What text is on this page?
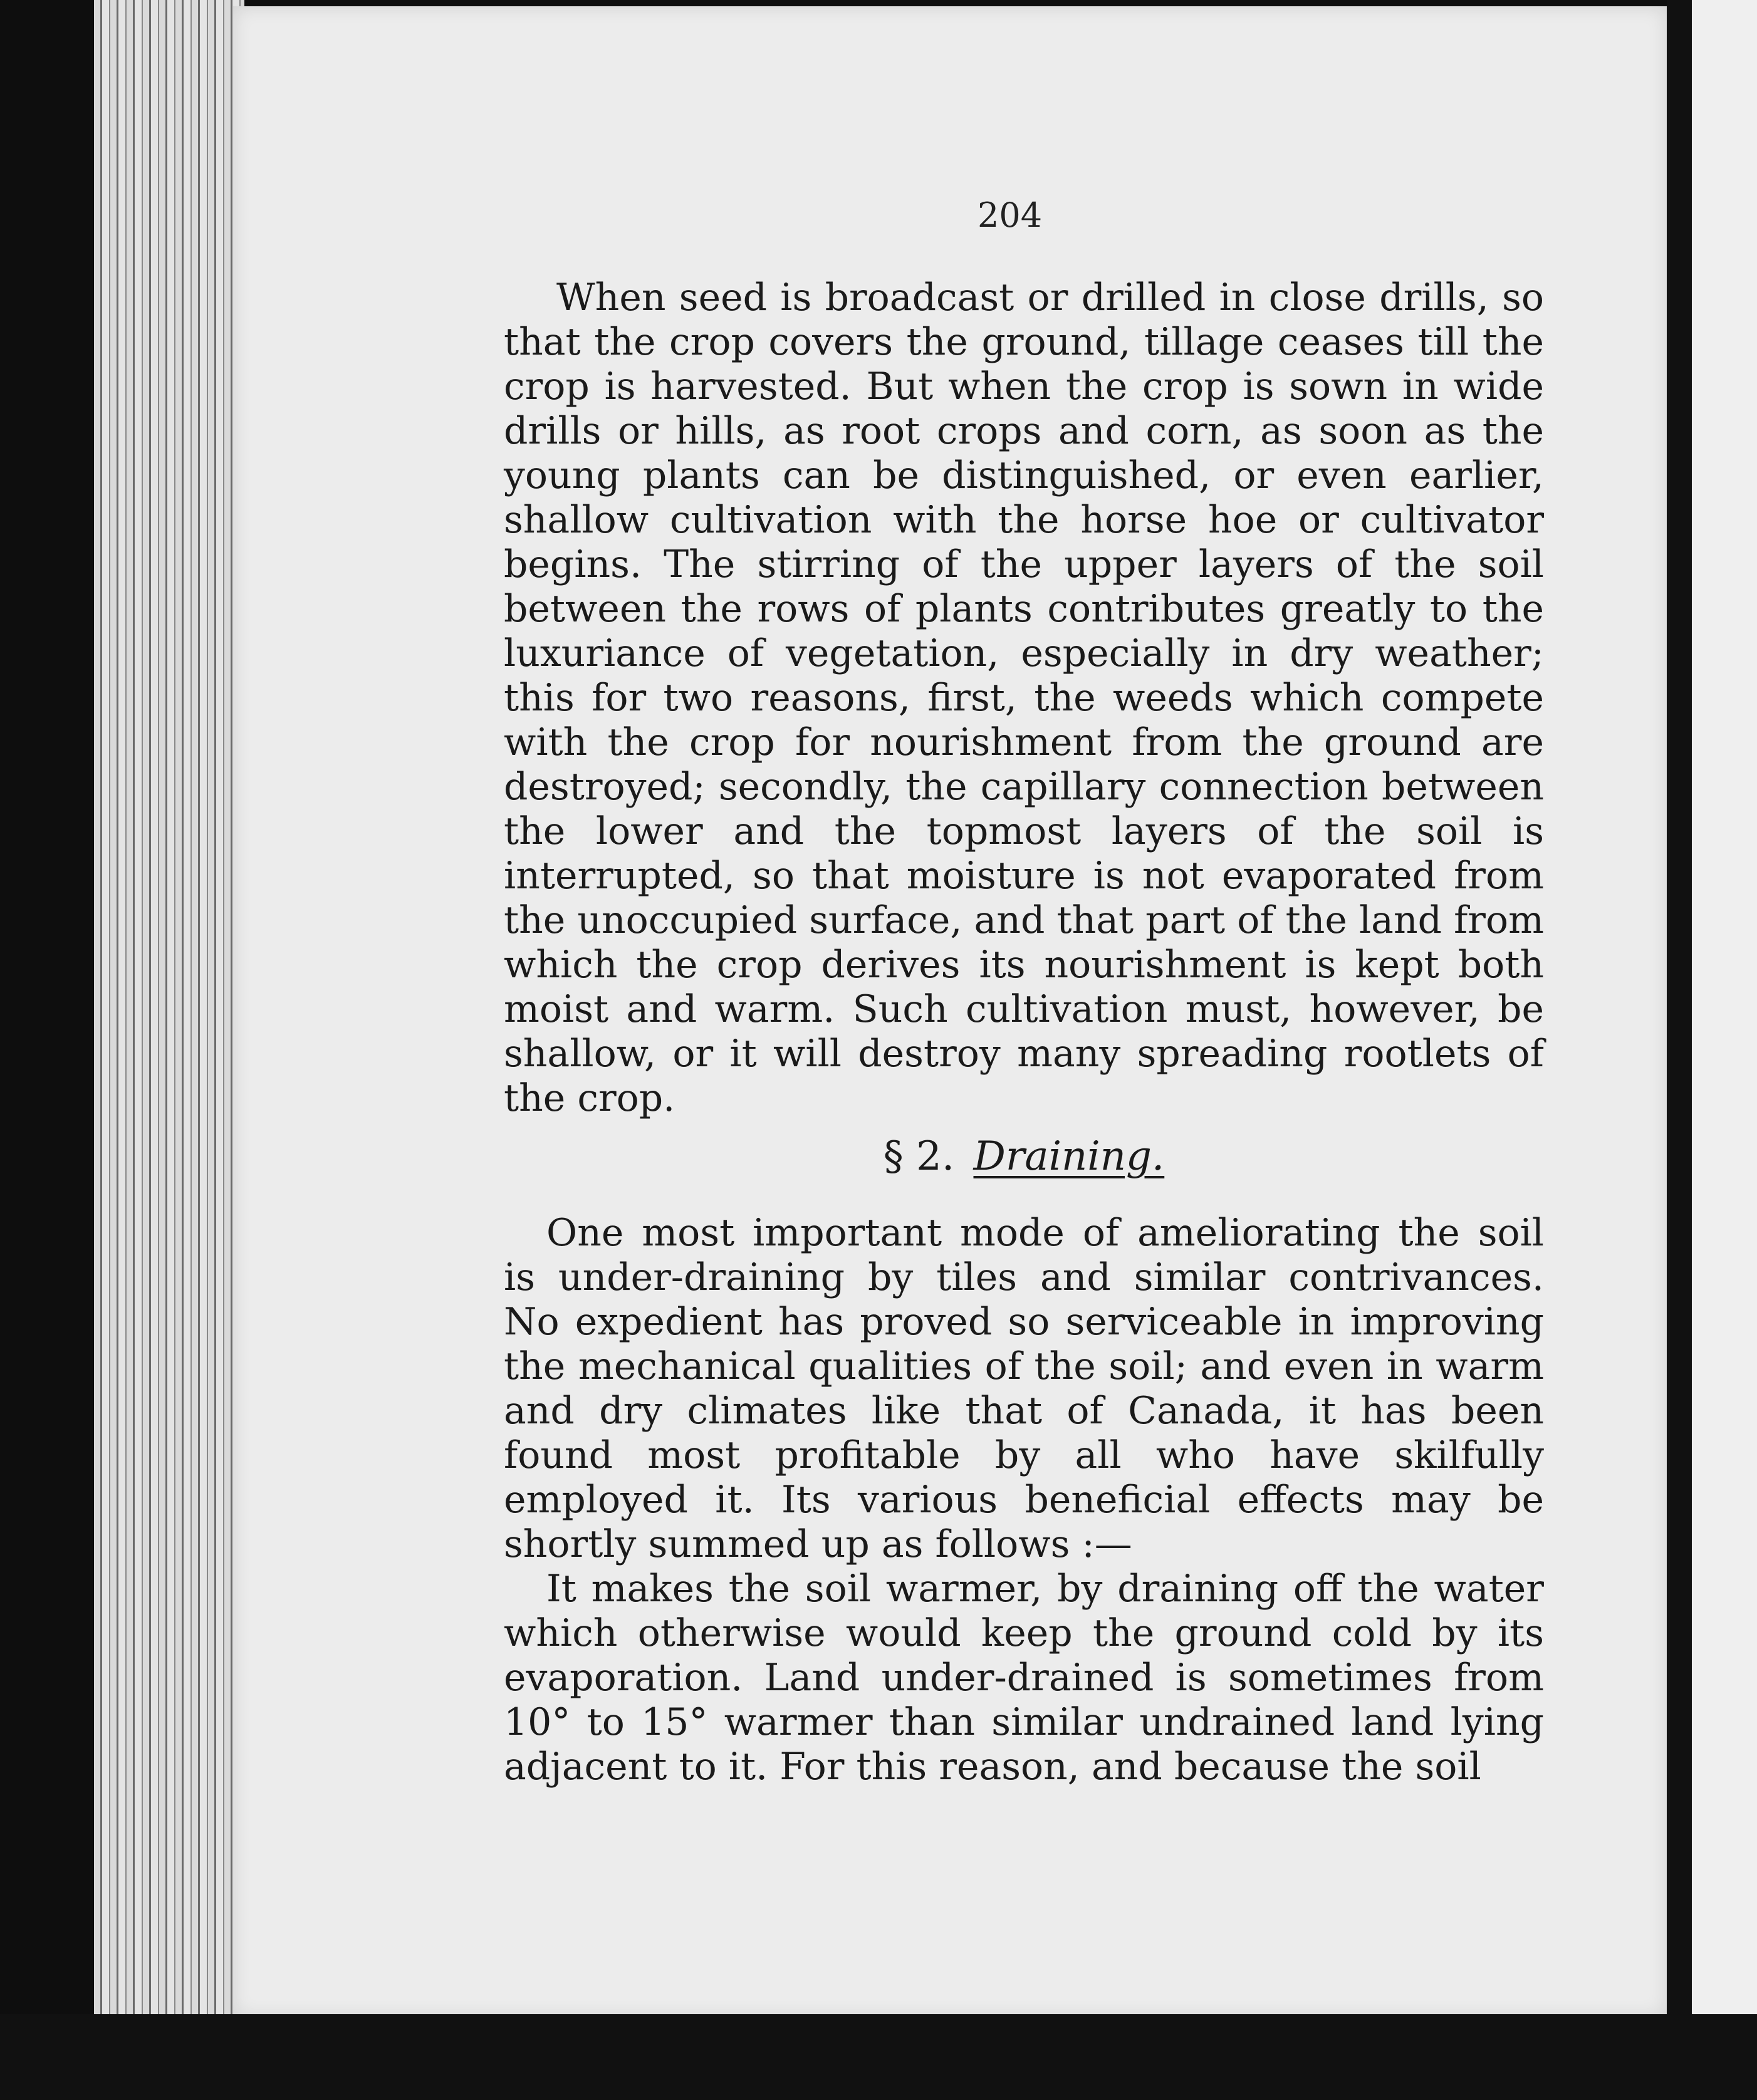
204

When seed is broadcast or drilled in close drills, so that the crop covers the ground, tillage ceases till the crop is harvested. But when the crop is sown in wide drills or hills, as root crops and corn, as soon as the young plants can be distinguished, or even earlier, shallow cultivation with the horse hoe or cultivator begins. The stirring of the upper layers of the soil between the rows of plants contributes greatly to the luxuriance of vegetation, especially in dry weather; this for two reasons, first, the weeds which compete with the crop for nourishment from the ground are destroyed; secondly, the capillary connection between the lower and the topmost layers of the soil is interrupted, so that moisture is not evaporated from the unoccupied surface, and that part of the land from which the crop derives its nourishment is kept both moist and warm. Such cultivation must, however, be shallow, or it will destroy many spreading rootlets of the crop.

§ 2. Draining.

One most important mode of ameliorating the soil is under-draining by tiles and similar contrivances. No expedient has proved so serviceable in improving the mechanical qualities of the soil; and even in warm and dry climates like that of Canada, it has been found most profitable by all who have skilfully employed it. Its various beneficial effects may be shortly summed up as follows :—

It makes the soil warmer, by draining off the water which otherwise would keep the ground cold by its evaporation. Land under-drained is sometimes from 10° to 15° warmer than similar undrained land lying adjacent to it. For this reason, and because the soil
